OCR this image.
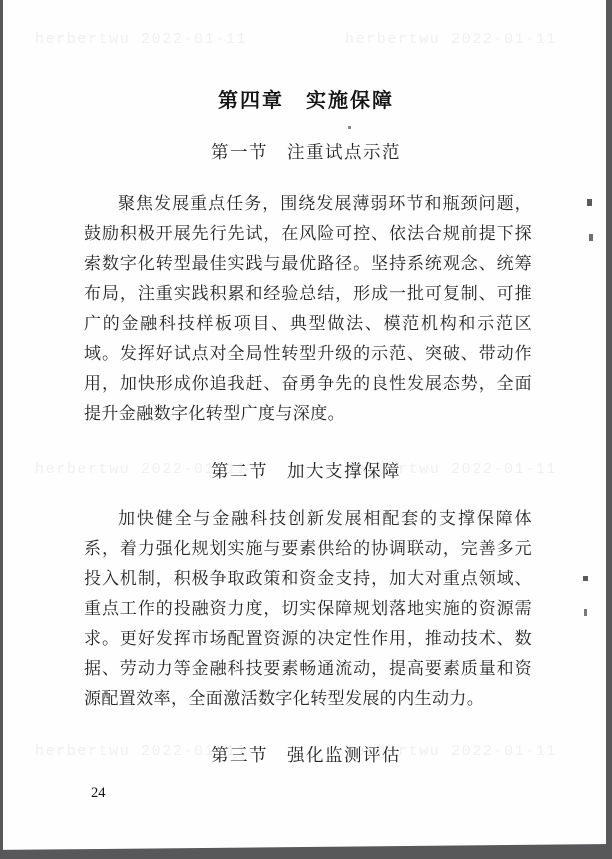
herbertwu 2022-01-11	herbertwu 2022-01-11
herbertwu 2022-01-11	herbertwu 2022-01-11
herbertwu 2022-01-11	herbertwu 2022-01-11
第四章　实施保障
第一节　注重试点示范
聚焦发展重点任务，围绕发展薄弱环节和瓶颈问题，鼓励积极开展先行先试，在风险可控、依法合规前提下探索数字化转型最佳实践与最优路径。坚持系统观念、统筹布局，注重实践积累和经验总结，形成一批可复制、可推广的金融科技样板项目、典型做法、模范机构和示范区域。发挥好试点对全局性转型升级的示范、突破、带动作用，加快形成你追我赶、奋勇争先的良性发展态势，全面提升金融数字化转型广度与深度。
第二节　加大支撑保障
加快健全与金融科技创新发展相配套的支撑保障体系，着力强化规划实施与要素供给的协调联动，完善多元投入机制，积极争取政策和资金支持，加大对重点领域、重点工作的投融资力度，切实保障规划落地实施的资源需求。更好发挥市场配置资源的决定性作用，推动技术、数据、劳动力等金融科技要素畅通流动，提高要素质量和资源配置效率，全面激活数字化转型发展的内生动力。
第三节　强化监测评估
24
